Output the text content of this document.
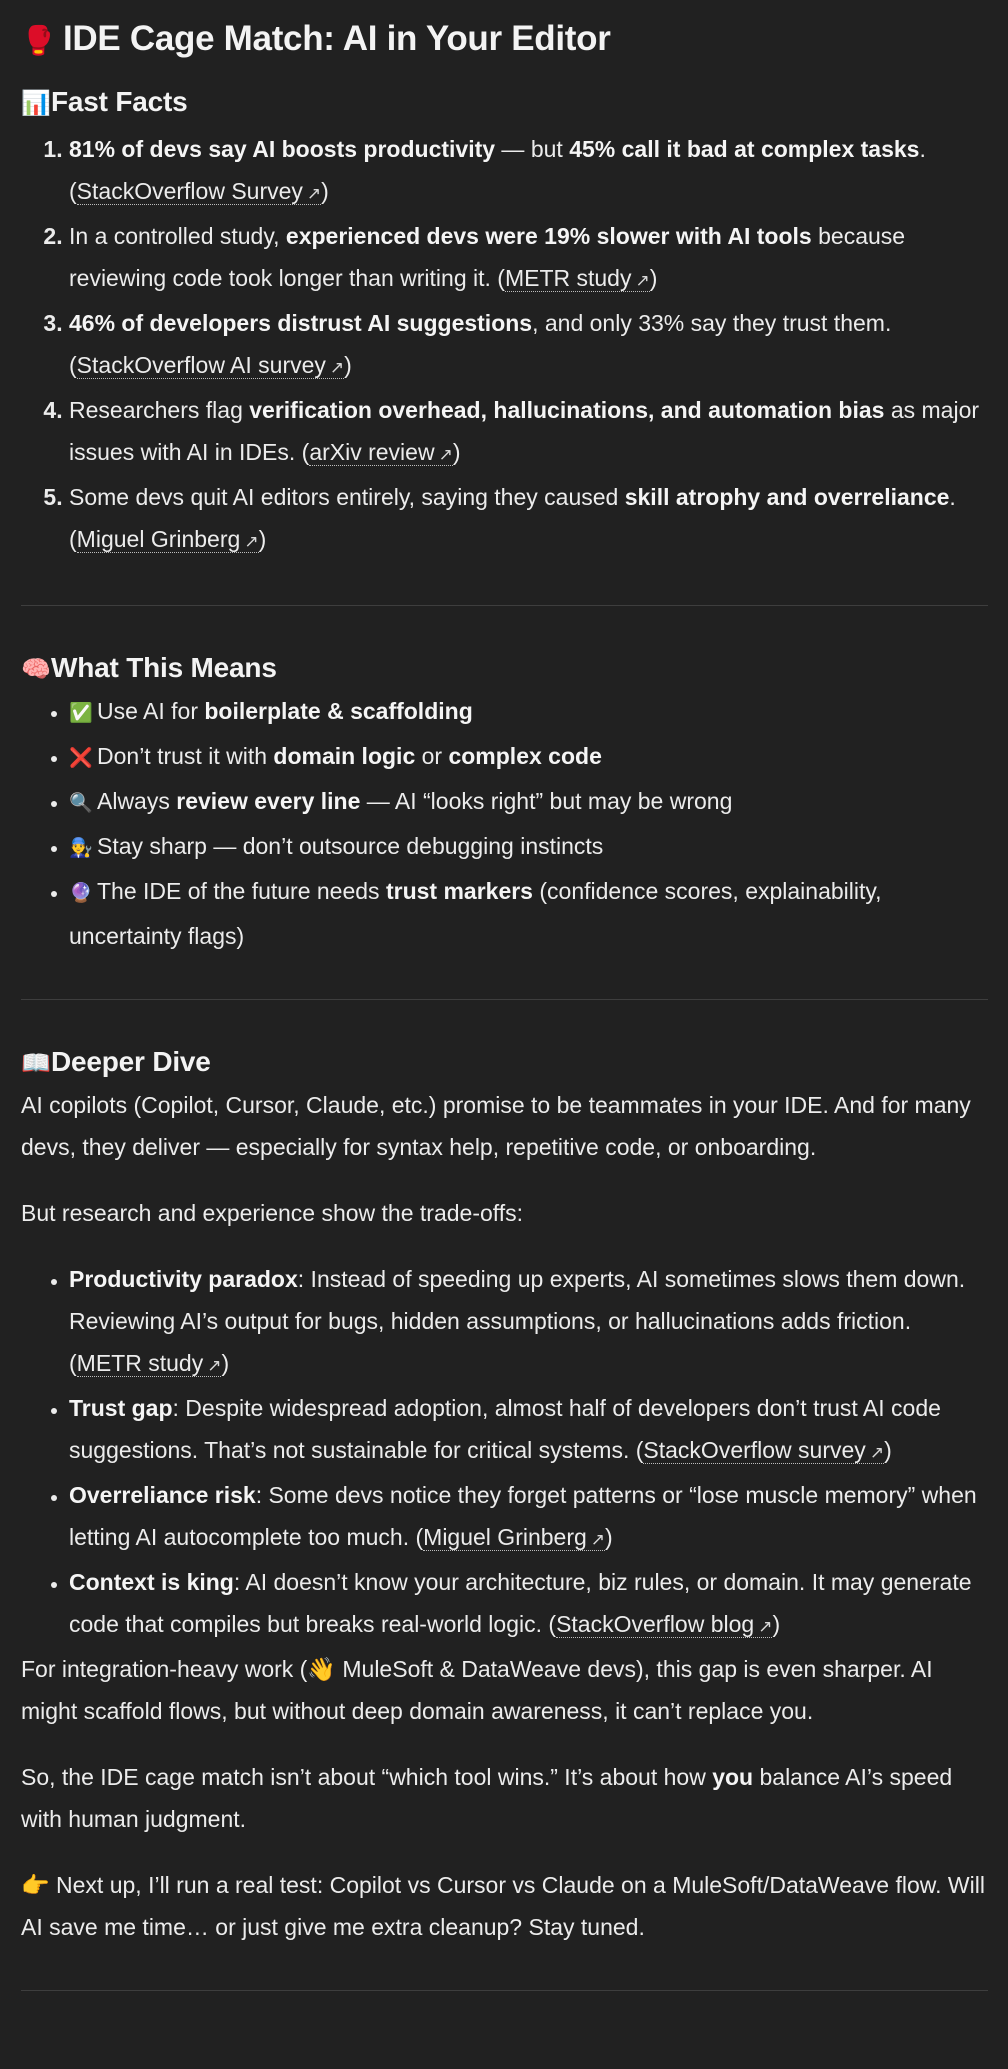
🥊 IDE Cage Match: AI in Your Editor
📊Fast Facts
1. 81% of devs say AI boosts productivity — but 45% call it bad at complex tasks. (StackOverflow Survey ↗)
2. In a controlled study, experienced devs were 19% slower with AI tools because reviewing code took longer than writing it. (METR study ↗)
3. 46% of developers distrust AI suggestions, and only 33% say they trust them. (StackOverflow AI survey ↗)
4. Researchers flag verification overhead, hallucinations, and automation bias as major issues with AI in IDEs. (arXiv review ↗)
5. Some devs quit AI editors entirely, saying they caused skill atrophy and overreliance. (Miguel Grinberg ↗)
🧠What This Means
• ✅ Use AI for boilerplate & scaffolding
• ❌ Don’t trust it with domain logic or complex code
• 🔍 Always review every line — AI “looks right” but may be wrong
• 👨‍🔧 Stay sharp — don’t outsource debugging instincts
• 🔮 The IDE of the future needs trust markers (confidence scores, explainability, uncertainty flags)
📖Deeper Dive

AI copilots (Copilot, Cursor, Claude, etc.) promise to be teammates in your IDE. And for many devs, they deliver — especially for syntax help, repetitive code, or onboarding.

But research and experience show the trade-offs:

• Productivity paradox: Instead of speeding up experts, AI sometimes slows them down. Reviewing AI’s output for bugs, hidden assumptions, or hallucinations adds friction. (METR study ↗)
• Trust gap: Despite widespread adoption, almost half of developers don’t trust AI code suggestions. That’s not sustainable for critical systems. (StackOverflow survey ↗)
• Overreliance risk: Some devs notice they forget patterns or “lose muscle memory” when letting AI autocomplete too much. (Miguel Grinberg ↗)
• Context is king: AI doesn’t know your architecture, biz rules, or domain. It may generate code that compiles but breaks real-world logic. (StackOverflow blog ↗)

For integration-heavy work (👋 MuleSoft & DataWeave devs), this gap is even sharper. AI might scaffold flows, but without deep domain awareness, it can’t replace you.

So, the IDE cage match isn’t about “which tool wins.” It’s about how you balance AI’s speed with human judgment.

👉 Next up, I’ll run a real test: Copilot vs Cursor vs Claude on a MuleSoft/DataWeave flow. Will AI save me time… or just give me extra cleanup? Stay tuned.
